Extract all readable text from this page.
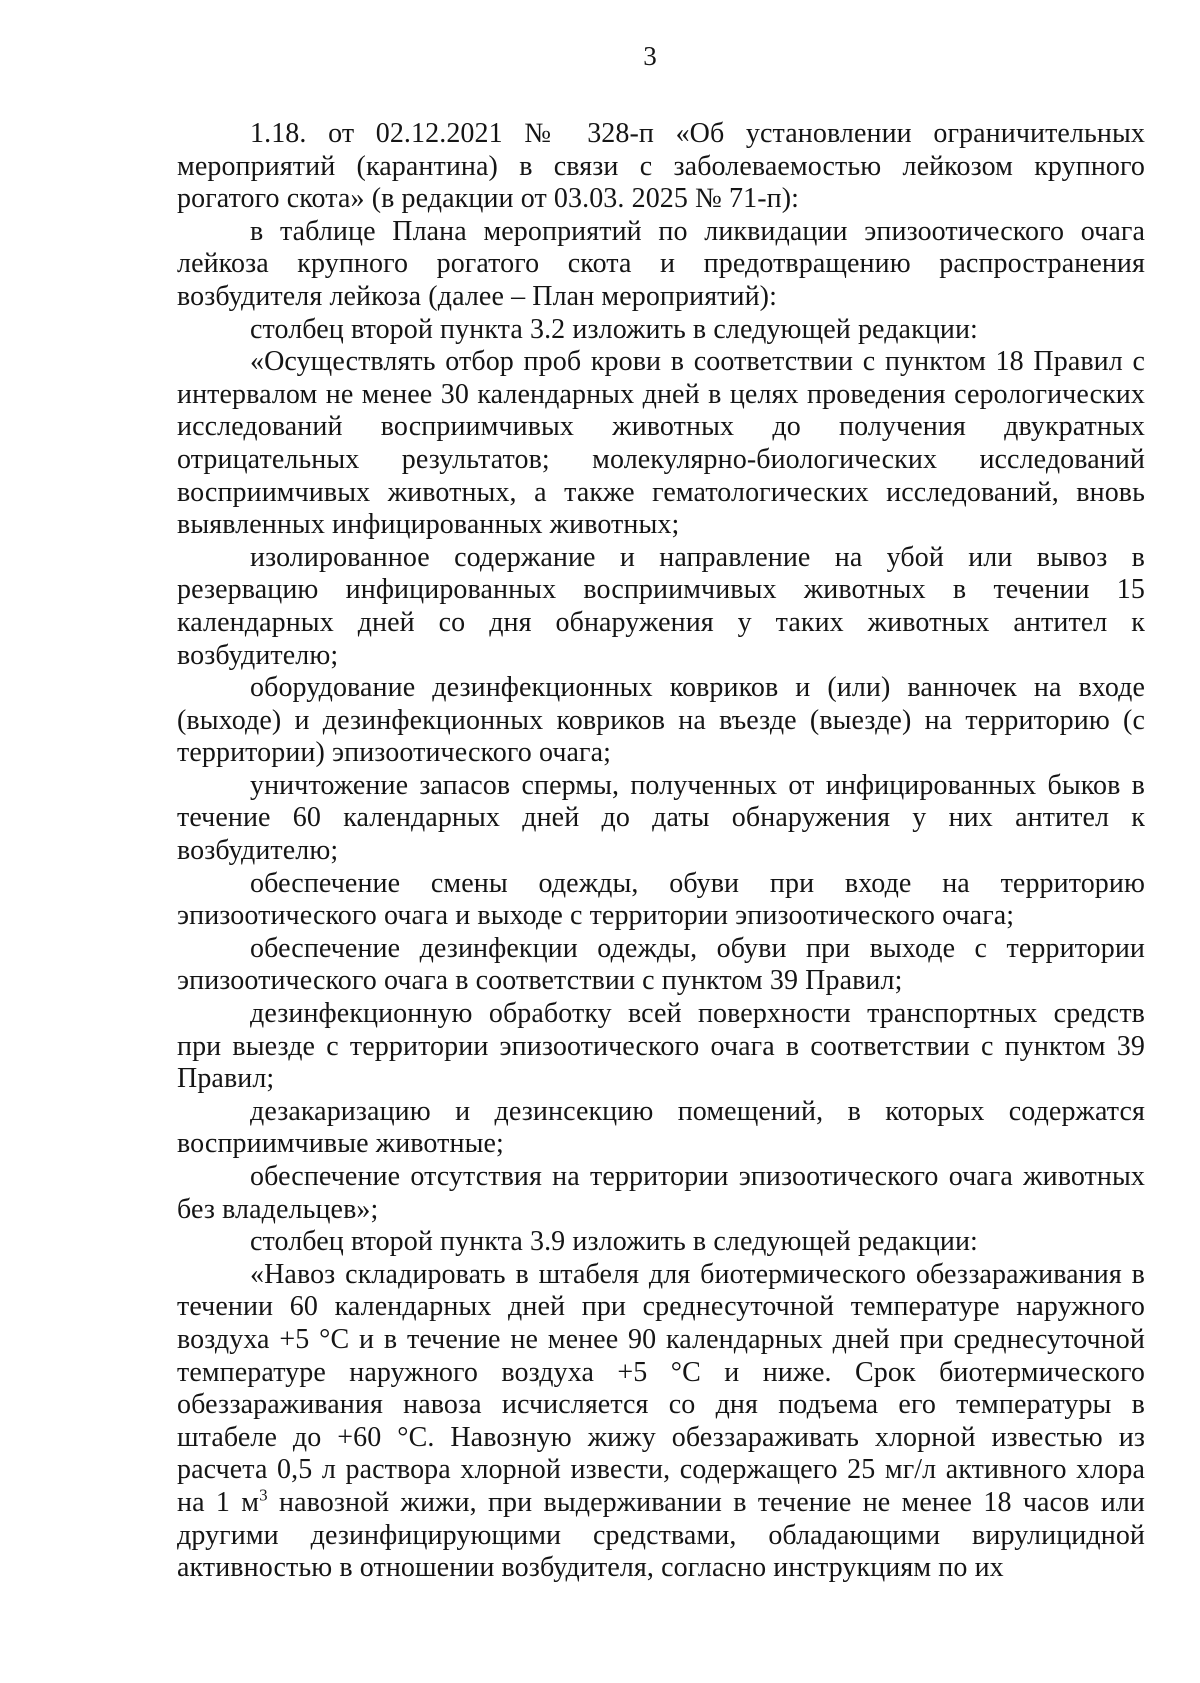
3

1.18. от 02.12.2021 № 328-п «Об установлении ограничительных мероприятий (карантина) в связи с заболеваемостью лейкозом крупного рогатого скота» (в редакции от 03.03. 2025 № 71-п):

в таблице Плана мероприятий по ликвидации эпизоотического очага лейкоза крупного рогатого скота и предотвращению распространения возбудителя лейкоза (далее – План мероприятий):

столбец второй пункта 3.2 изложить в следующей редакции:

«Осуществлять отбор проб крови в соответствии с пунктом 18 Правил с интервалом не менее 30 календарных дней в целях проведения серологических исследований восприимчивых животных до получения двукратных отрицательных результатов; молекулярно-биологических исследований восприимчивых животных, а также гематологических исследований, вновь выявленных инфицированных животных;

изолированное содержание и направление на убой или вывоз в резервацию инфицированных восприимчивых животных в течении 15 календарных дней со дня обнаружения у таких животных антител к возбудителю;

оборудование дезинфекционных ковриков и (или) ванночек на входе (выходе) и дезинфекционных ковриков на въезде (выезде) на территорию (с территории) эпизоотического очага;

уничтожение запасов спермы, полученных от инфицированных быков в течение 60 календарных дней до даты обнаружения у них антител к возбудителю;

обеспечение смены одежды, обуви при входе на территорию эпизоотического очага и выходе с территории эпизоотического очага;

обеспечение дезинфекции одежды, обуви при выходе с территории эпизоотического очага в соответствии с пунктом 39 Правил;

дезинфекционную обработку всей поверхности транспортных средств при выезде с территории эпизоотического очага в соответствии с пунктом 39 Правил;

дезакаризацию и дезинсекцию помещений, в которых содержатся восприимчивые животные;

обеспечение отсутствия на территории эпизоотического очага животных без владельцев»;

столбец второй пункта 3.9 изложить в следующей редакции:

«Навоз складировать в штабеля для биотермического обеззараживания в течении 60 календарных дней при среднесуточной температуре наружного воздуха +5 °С и в течение не менее 90 календарных дней при среднесуточной температуре наружного воздуха +5 °С и ниже. Срок биотермического обеззараживания навоза исчисляется со дня подъема его температуры в штабеле до +60 °С. Навозную жижу обеззараживать хлорной известью из расчета 0,5 л раствора хлорной извести, содержащего 25 мг/л активного хлора на 1 $м^3$ навозной жижи, при выдерживании в течение не менее 18 часов или другими дезинфицирующими средствами, обладающими вирулицидной активностью в отношении возбудителя, согласно инструкциям по их
